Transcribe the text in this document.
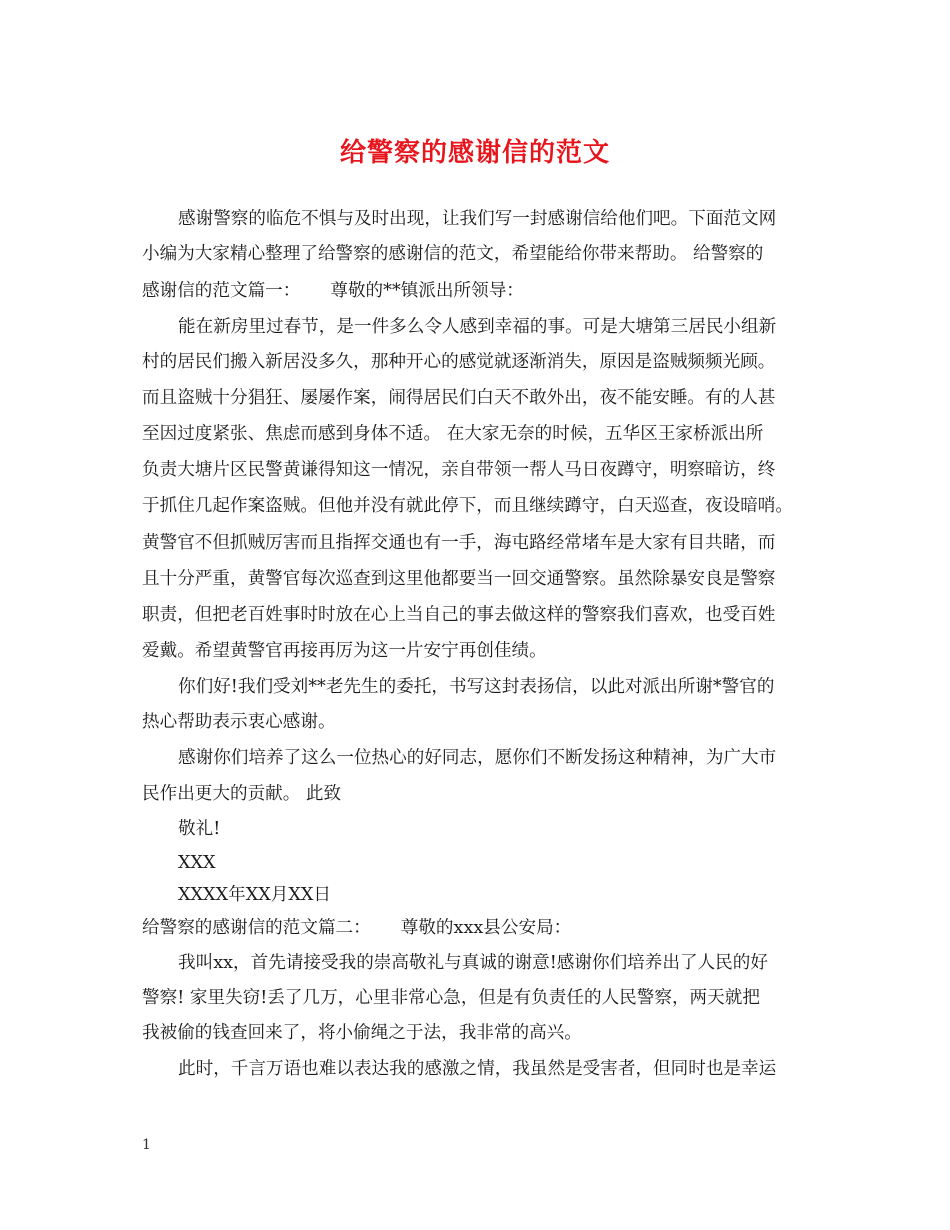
给警察的感谢信的范文
感谢警察的临危不惧与及时出现，让我们写一封感谢信给他们吧。下面范文网
小编为大家精心整理了给警察的感谢信的范文，希望能给你带来帮助。 给警察的
感谢信的范文篇一： 尊敬的**镇派出所领导：
能在新房里过春节，是一件多么令人感到幸福的事。可是大塘第三居民小组新
村的居民们搬入新居没多久，那种开心的感觉就逐渐消失，原因是盗贼频频光顾。
而且盗贼十分猖狂、屡屡作案，闹得居民们白天不敢外出，夜不能安睡。有的人甚
至因过度紧张、焦虑而感到身体不适。 在大家无奈的时候，五华区王家桥派出所
负责大塘片区民警黄谦得知这一情况，亲自带领一帮人马日夜蹲守，明察暗访，终
于抓住几起作案盗贼。但他并没有就此停下，而且继续蹲守，白天巡查，夜设暗哨。
黄警官不但抓贼厉害而且指挥交通也有一手，海屯路经常堵车是大家有目共睹，而
且十分严重，黄警官每次巡查到这里他都要当一回交通警察。虽然除暴安良是警察
职责，但把老百姓事时时放在心上当自己的事去做这样的警察我们喜欢，也受百姓
爱戴。希望黄警官再接再厉为这一片安宁再创佳绩。
你们好!我们受刘**老先生的委托，书写这封表扬信，以此对派出所谢*警官的
热心帮助表示衷心感谢。
感谢你们培养了这么一位热心的好同志，愿你们不断发扬这种精神，为广大市
民作出更大的贡献。 此致
敬礼!
XXX
XXXX年XX月XX日
给警察的感谢信的范文篇二： 尊敬的xxx县公安局：
我叫xx，首先请接受我的崇高敬礼与真诚的谢意!感谢你们培养出了人民的好
警察! 家里失窃!丢了几万，心里非常心急，但是有负责任的人民警察，两天就把
我被偷的钱查回来了，将小偷绳之于法，我非常的高兴。
此时，千言万语也难以表达我的感激之情，我虽然是受害者，但同时也是幸运
1
